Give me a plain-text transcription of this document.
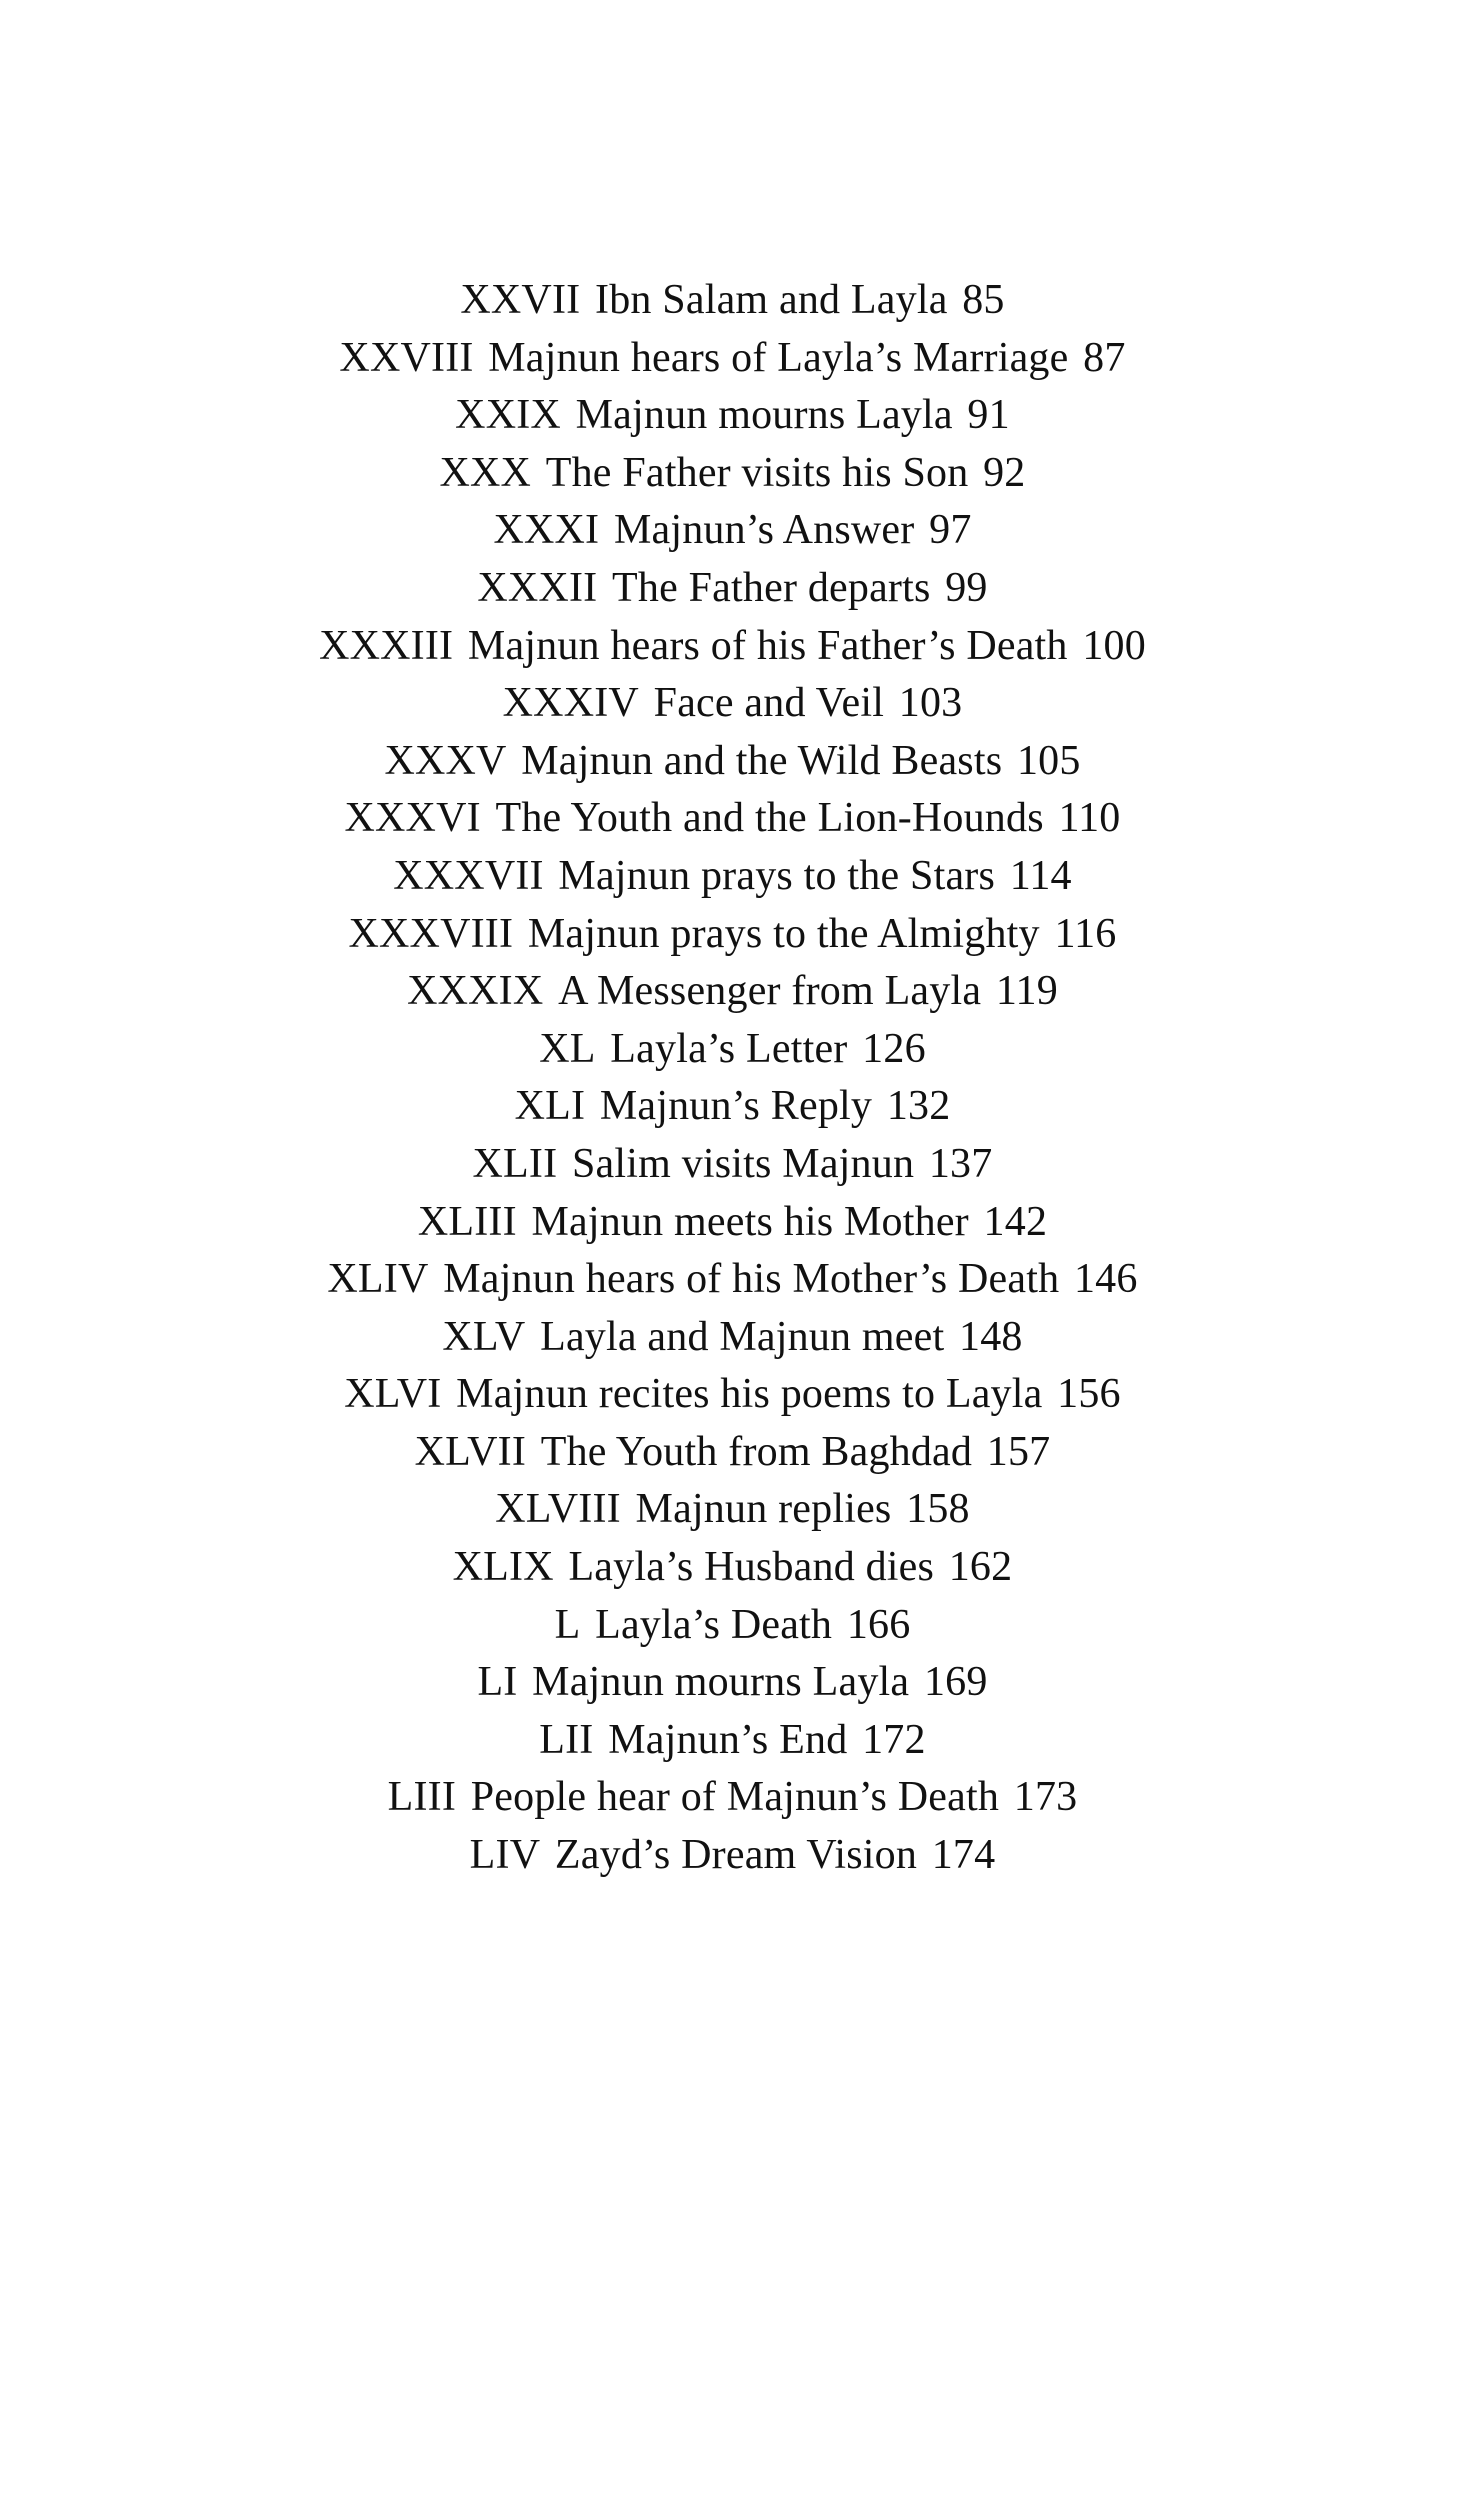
XXVII Ibn Salam and Layla 85
XXVIII Majnun hears of Layla’s Marriage 87
XXIX Majnun mourns Layla 91
XXX The Father visits his Son 92
XXXI Majnun’s Answer 97
XXXII The Father departs 99
XXXIII Majnun hears of his Father’s Death 100
XXXIV Face and Veil 103
XXXV Majnun and the Wild Beasts 105
XXXVI The Youth and the Lion-Hounds 110
XXXVII Majnun prays to the Stars 114
XXXVIII Majnun prays to the Almighty 116
XXXIX A Messenger from Layla 119
XL Layla’s Letter 126
XLI Majnun’s Reply 132
XLII Salim visits Majnun 137
XLIII Majnun meets his Mother 142
XLIV Majnun hears of his Mother’s Death 146
XLV Layla and Majnun meet 148
XLVI Majnun recites his poems to Layla 156
XLVII The Youth from Baghdad 157
XLVIII Majnun replies 158
XLIX Layla’s Husband dies 162
L Layla’s Death 166
LI Majnun mourns Layla 169
LII Majnun’s End 172
LIII People hear of Majnun’s Death 173
LIV Zayd’s Dream Vision 174
